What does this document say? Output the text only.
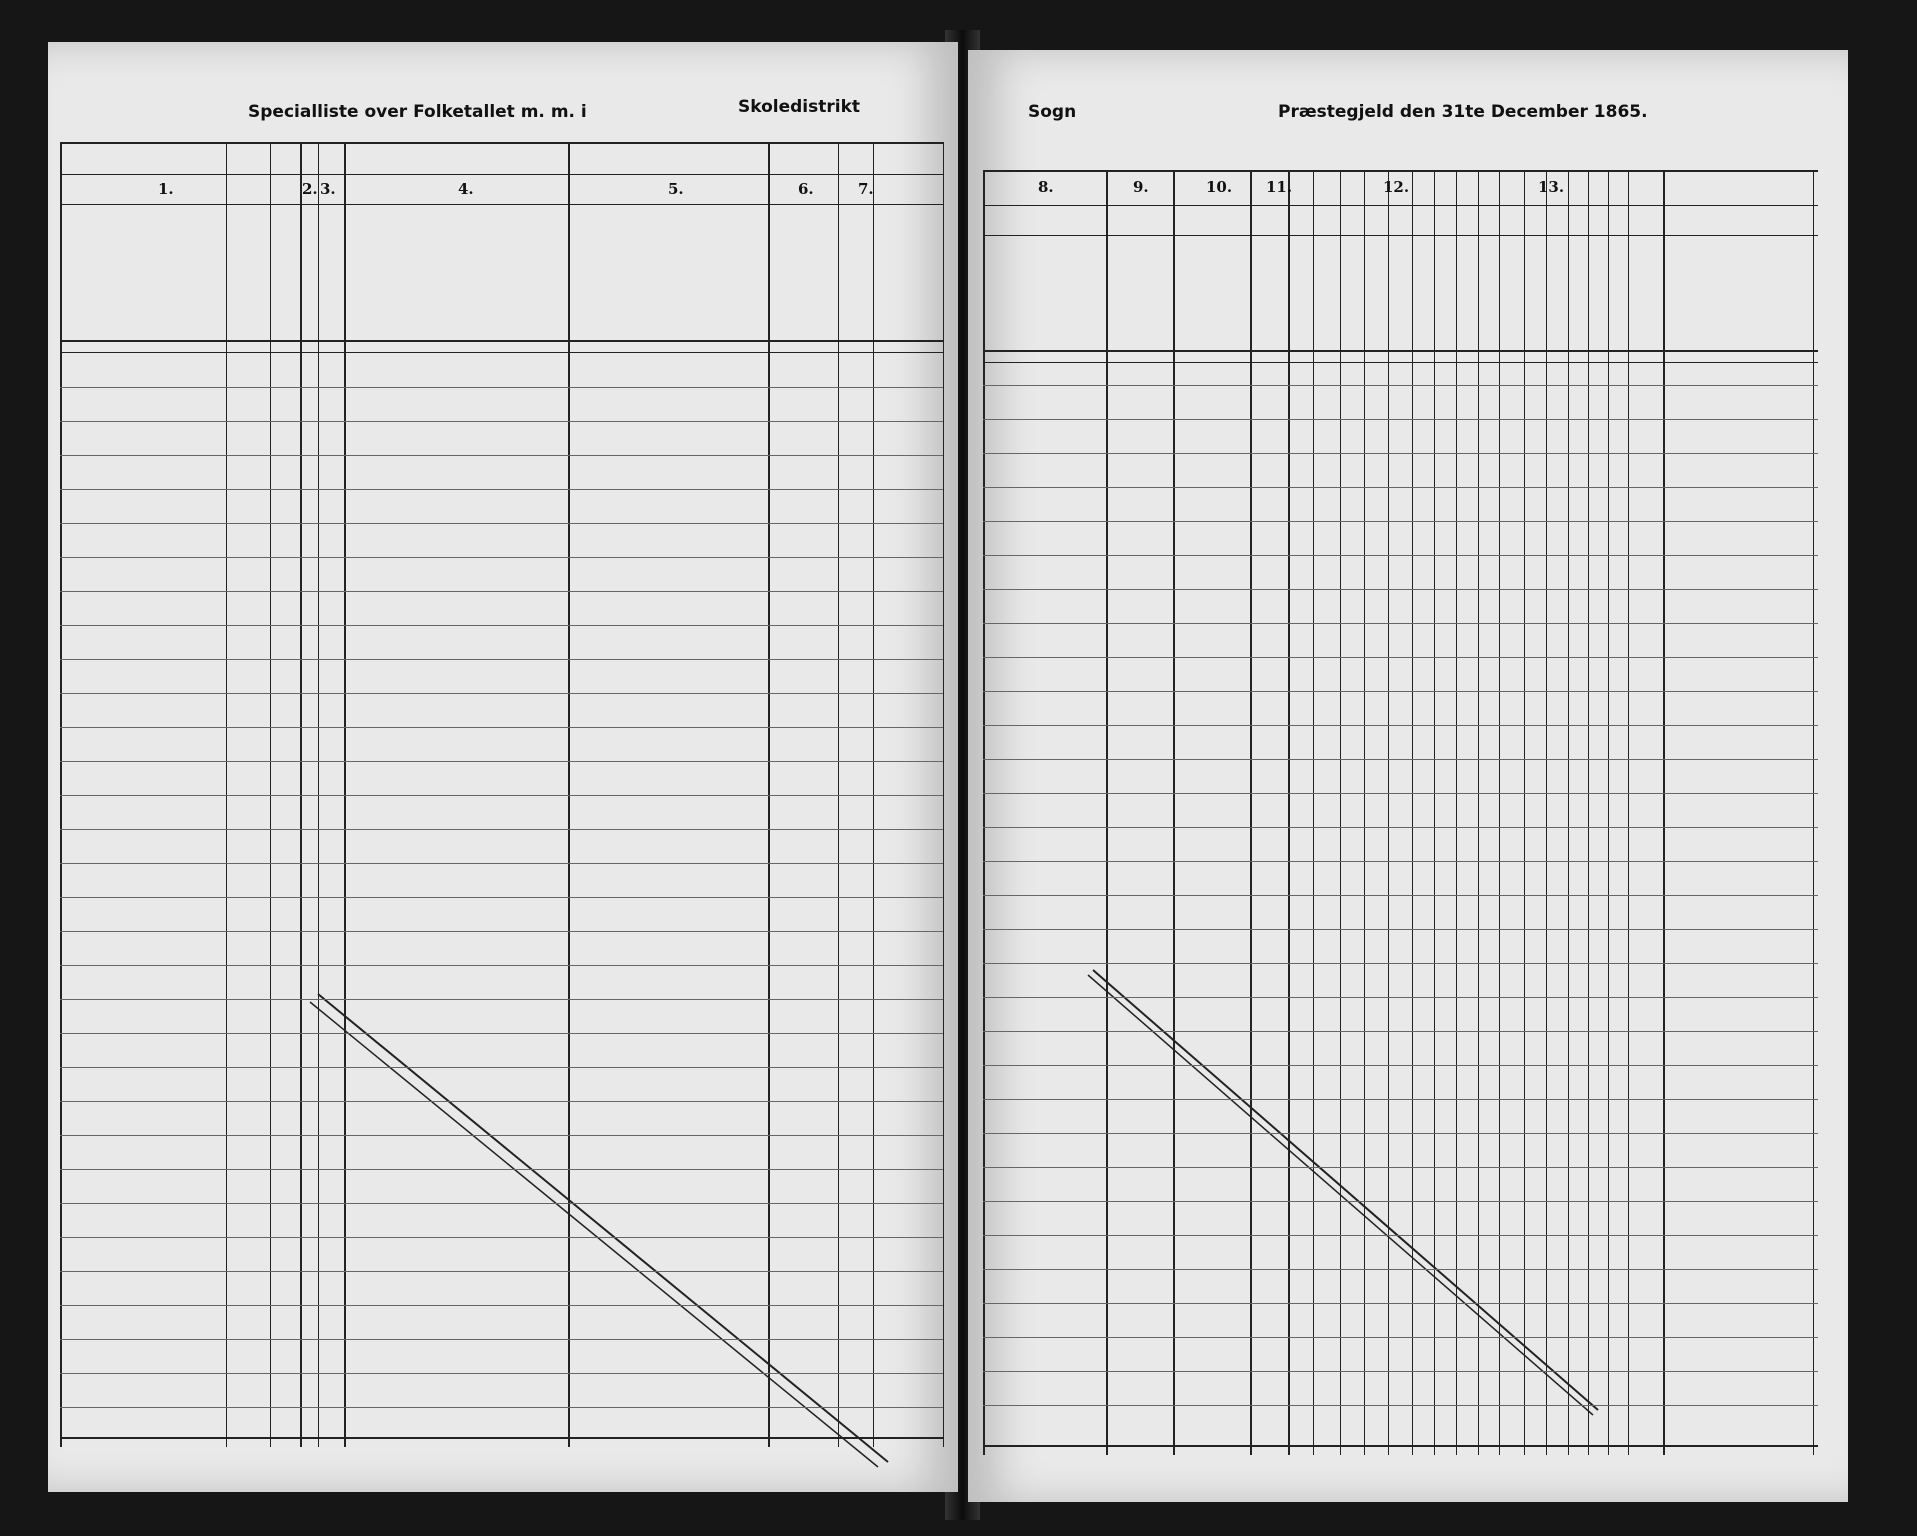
Specialliste over Folketallet m. m. i	Skoledistrikt
1.	2. 3.	4.	5.	6.	7.
Sogn	Præstegjeld den 31te December 1865.
8.	9.	10. 11.	12.	13.
